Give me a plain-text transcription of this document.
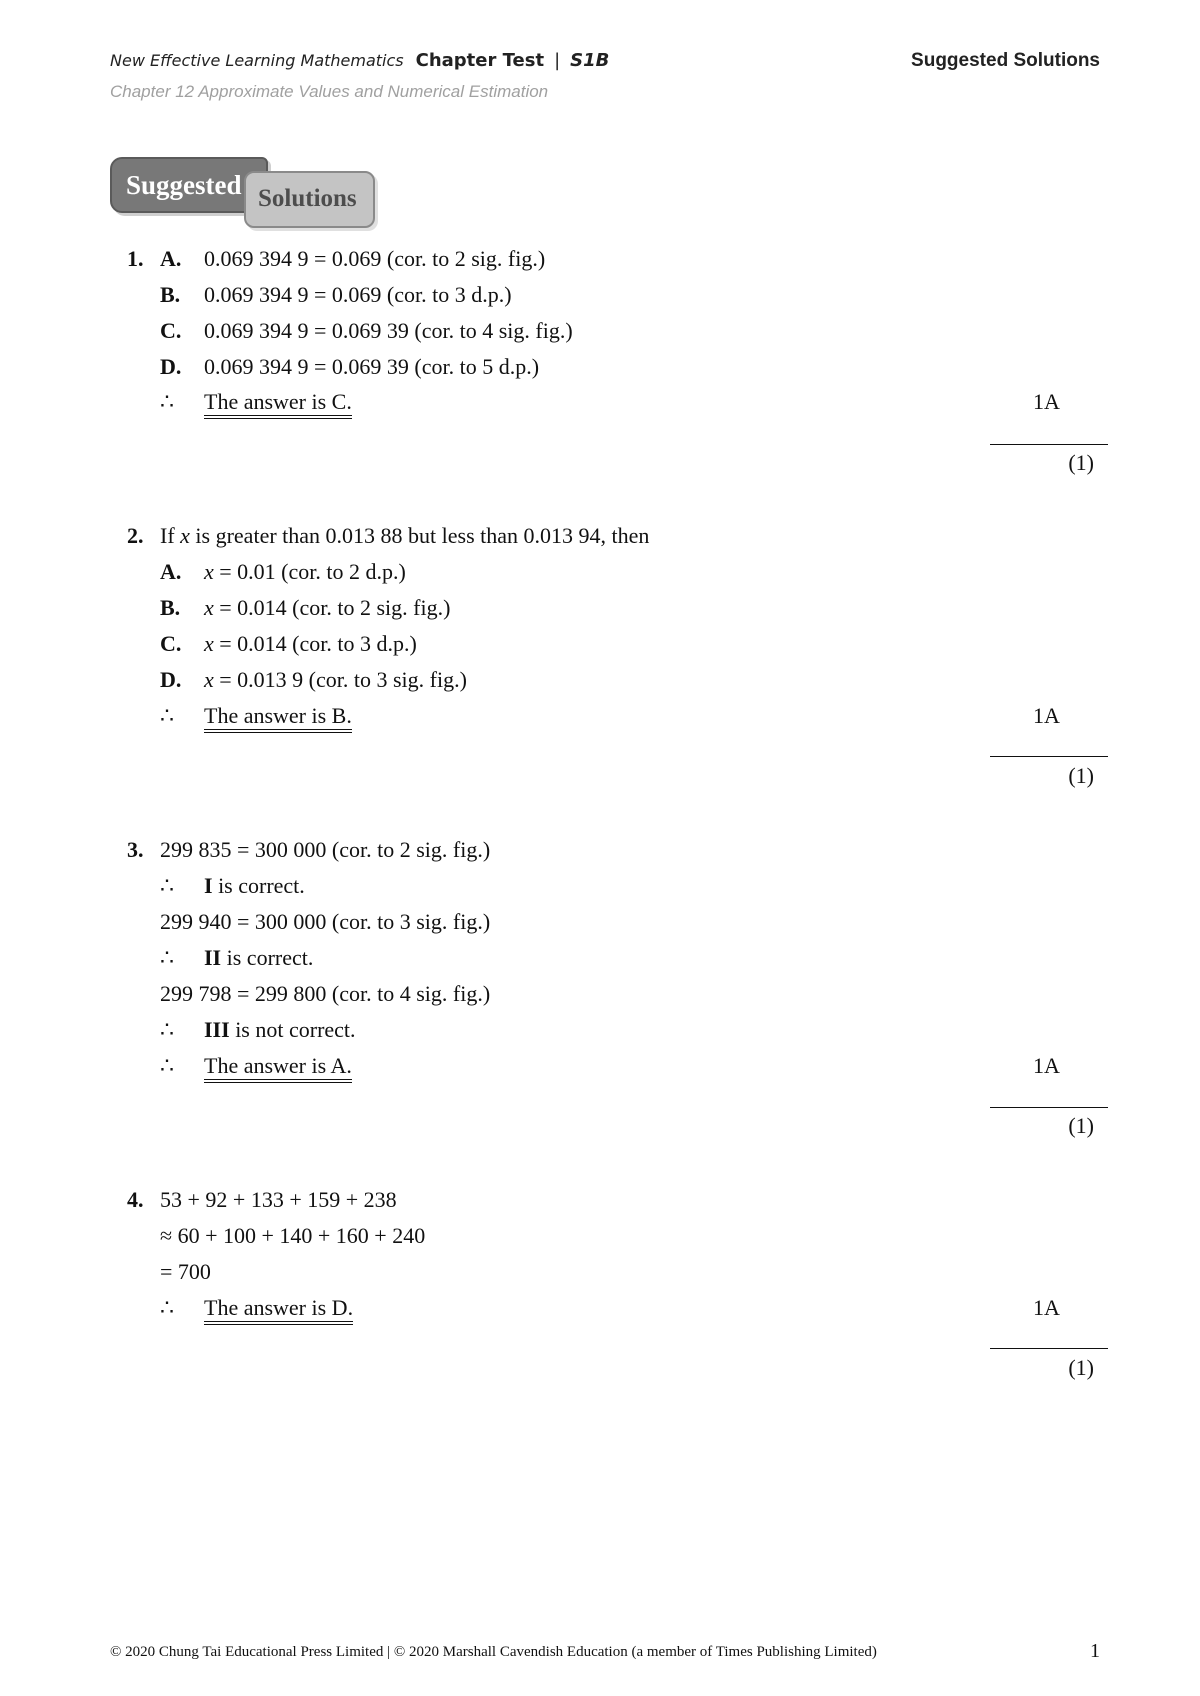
New Effective Learning Mathematics Chapter Test | S1B
Chapter 12 Approximate Values and Numerical Estimation
Suggested Solutions
Suggested Solutions
1. A. 0.069 394 9 = 0.069 (cor. to 2 sig. fig.)
B. 0.069 394 9 = 0.069 (cor. to 3 d.p.)
C. 0.069 394 9 = 0.069 39 (cor. to 4 sig. fig.)
D. 0.069 394 9 = 0.069 39 (cor. to 5 d.p.)
∴ The answer is C.	1A
(1)
2. If x is greater than 0.013 88 but less than 0.013 94, then
A. x = 0.01 (cor. to 2 d.p.)
B. x = 0.014 (cor. to 2 sig. fig.)
C. x = 0.014 (cor. to 3 d.p.)
D. x = 0.013 9 (cor. to 3 sig. fig.)
∴ The answer is B.	1A
(1)
3. 299 835 = 300 000 (cor. to 2 sig. fig.)
∴ I is correct.
299 940 = 300 000 (cor. to 3 sig. fig.)
∴ II is correct.
299 798 = 299 800 (cor. to 4 sig. fig.)
∴ III is not correct.
∴ The answer is A.	1A
(1)
4. 53 + 92 + 133 + 159 + 238
≈ 60 + 100 + 140 + 160 + 240
= 700
∴ The answer is D.	1A
(1)
© 2020 Chung Tai Educational Press Limited | © 2020 Marshall Cavendish Education (a member of Times Publishing Limited)	1
